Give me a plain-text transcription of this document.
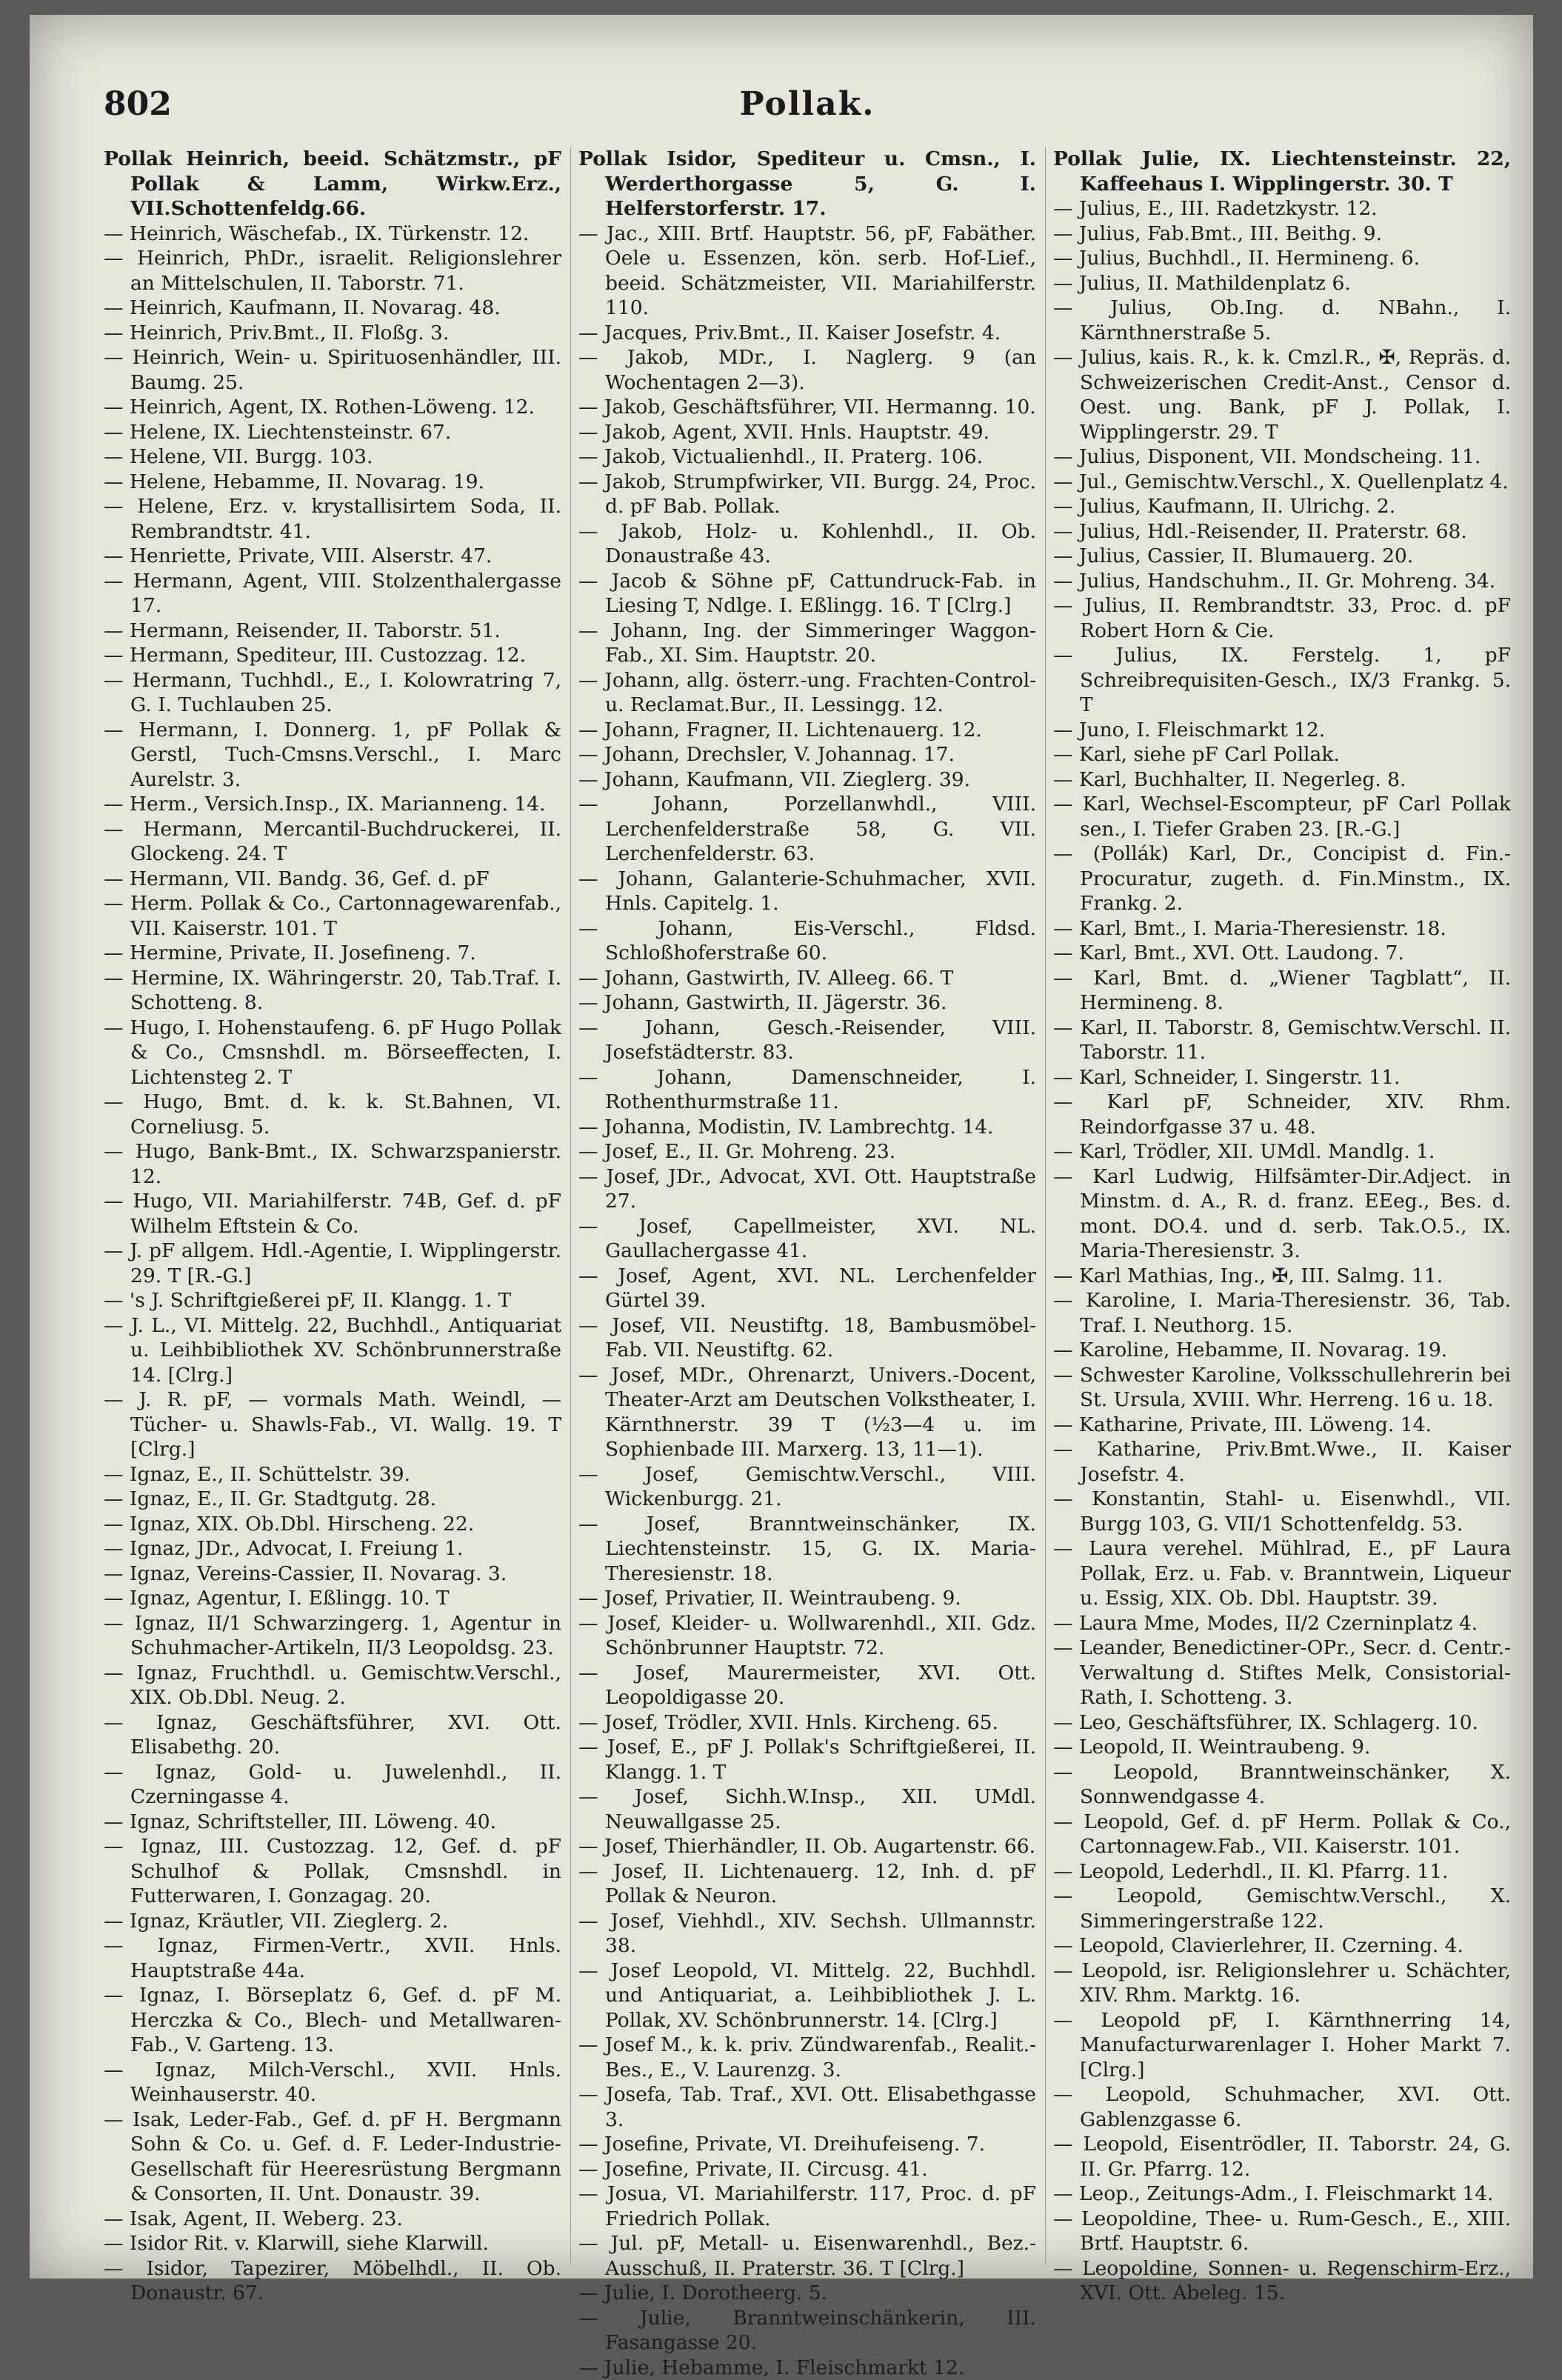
802	Pollak.
Pollak Heinrich, beeid. Schätzmstr., pF Pollak & Lamm, Wirkw.Erz., VII.Schottenfeldg.66.
— Heinrich, Wäschefab., IX. Türkenstr. 12.
— Heinrich, PhDr., israelit. Religionslehrer an Mittelschulen, II. Taborstr. 71.
— Heinrich, Kaufmann, II. Novarag. 48.
— Heinrich, Priv.Bmt., II. Floßg. 3.
— Heinrich, Wein- u. Spirituosenhändler, III. Baumg. 25.
— Heinrich, Agent, IX. Rothen-Löweng. 12.
— Helene, IX. Liechtensteinstr. 67.
— Helene, VII. Burgg. 103.
— Helene, Hebamme, II. Novarag. 19.
— Helene, Erz. v. krystallisirtem Soda, II. Rembrandtstr. 41.
— Henriette, Private, VIII. Alserstr. 47.
— Hermann, Agent, VIII. Stolzenthalergasse 17.
— Hermann, Reisender, II. Taborstr. 51.
— Hermann, Spediteur, III. Custozzag. 12.
— Hermann, Tuchhdl., E., I. Kolowratring 7, G. I. Tuchlauben 25.
— Hermann, I. Donnerg. 1, pF Pollak & Gerstl, Tuch-Cmsns.Verschl., I. Marc Aurelstr. 3.
— Herm., Versich.Insp., IX. Marianneng. 14.
— Hermann, Mercantil-Buchdruckerei, II. Glockeng. 24. T
— Hermann, VII. Bandg. 36, Gef. d. pF
— Herm. Pollak & Co., Cartonnagewarenfab., VII. Kaiserstr. 101. T
— Hermine, Private, II. Josefineng. 7.
— Hermine, IX. Währingerstr. 20, Tab.Traf. I. Schotteng. 8.
— Hugo, I. Hohenstaufeng. 6. pF Hugo Pollak & Co., Cmsnshdl. m. Börseeffecten, I. Lichtensteg 2. T
— Hugo, Bmt. d. k. k. St.Bahnen, VI. Corneliusg. 5.
— Hugo, Bank-Bmt., IX. Schwarzspanierstr. 12.
— Hugo, VII. Mariahilferstr. 74B, Gef. d. pF Wilhelm Eftstein & Co.
— J. pF allgem. Hdl.-Agentie, I. Wipplingerstr. 29. T [R.-G.]
— 's J. Schriftgießerei pF, II. Klangg. 1. T
— J. L., VI. Mittelg. 22, Buchhdl., Antiquariat u. Leihbibliothek XV. Schönbrunnerstraße 14. [Clrg.]
— J. R. pF, — vormals Math. Weindl, — Tücher- u. Shawls-Fab., VI. Wallg. 19. T [Clrg.]
— Ignaz, E., II. Schüttelstr. 39.
— Ignaz, E., II. Gr. Stadtgutg. 28.
— Ignaz, XIX. Ob.Dbl. Hirscheng. 22.
— Ignaz, JDr., Advocat, I. Freiung 1.
— Ignaz, Vereins-Cassier, II. Novarag. 3.
— Ignaz, Agentur, I. Eßlingg. 10. T
— Ignaz, II/1 Schwarzingerg. 1, Agentur in Schuhmacher-Artikeln, II/3 Leopoldsg. 23.
— Ignaz, Fruchthdl. u. Gemischtw.Verschl., XIX. Ob.Dbl. Neug. 2.
— Ignaz, Geschäftsführer, XVI. Ott. Elisabethg. 20.
— Ignaz, Gold- u. Juwelenhdl., II. Czerningasse 4.
— Ignaz, Schriftsteller, III. Löweng. 40.
— Ignaz, III. Custozzag. 12, Gef. d. pF Schulhof & Pollak, Cmsnshdl. in Futterwaren, I. Gonzagag. 20.
— Ignaz, Kräutler, VII. Zieglerg. 2.
— Ignaz, Firmen-Vertr., XVII. Hnls. Hauptstraße 44a.
— Ignaz, I. Börseplatz 6, Gef. d. pF M. Herczka & Co., Blech- und Metallwaren-Fab., V. Garteng. 13.
— Ignaz, Milch-Verschl., XVII. Hnls. Weinhauserstr. 40.
— Isak, Leder-Fab., Gef. d. pF H. Bergmann Sohn & Co. u. Gef. d. F. Leder-Industrie-Gesellschaft für Heeresrüstung Bergmann & Consorten, II. Unt. Donaustr. 39.
— Isak, Agent, II. Weberg. 23.
— Isidor Rit. v. Klarwill, siehe Klarwill.
— Isidor, Tapezirer, Möbelhdl., II. Ob. Donaustr. 67.
Pollak Isidor, Spediteur u. Cmsn., I. Werderthorgasse 5, G. I. Helferstorferstr. 17.
— Jac., XIII. Brtf. Hauptstr. 56, pF, Fabäther. Oele u. Essenzen, kön. serb. Hof-Lief., beeid. Schätzmeister, VII. Mariahilferstr. 110.
— Jacques, Priv.Bmt., II. Kaiser Josefstr. 4.
— Jakob, MDr., I. Naglerg. 9 (an Wochentagen 2—3).
— Jakob, Geschäftsführer, VII. Hermanng. 10.
— Jakob, Agent, XVII. Hnls. Hauptstr. 49.
— Jakob, Victualienhdl., II. Praterg. 106.
— Jakob, Strumpfwirker, VII. Burgg. 24, Proc. d. pF Bab. Pollak.
— Jakob, Holz- u. Kohlenhdl., II. Ob. Donaustraße 43.
— Jacob & Söhne pF, Cattundruck-Fab. in Liesing T, Ndlge. I. Eßlingg. 16. T [Clrg.]
— Johann, Ing. der Simmeringer Waggon-Fab., XI. Sim. Hauptstr. 20.
— Johann, allg. österr.-ung. Frachten-Control- u. Reclamat.Bur., II. Lessingg. 12.
— Johann, Fragner, II. Lichtenauerg. 12.
— Johann, Drechsler, V. Johannag. 17.
— Johann, Kaufmann, VII. Zieglerg. 39.
— Johann, Porzellanwhdl., VIII. Lerchenfelderstraße 58, G. VII. Lerchenfelderstr. 63.
— Johann, Galanterie-Schuhmacher, XVII. Hnls. Capitelg. 1.
— Johann, Eis-Verschl., Fldsd. Schloßhoferstraße 60.
— Johann, Gastwirth, IV. Alleeg. 66. T
— Johann, Gastwirth, II. Jägerstr. 36.
— Johann, Gesch.-Reisender, VIII. Josefstädterstr. 83.
— Johann, Damenschneider, I. Rothenthurmstraße 11.
— Johanna, Modistin, IV. Lambrechtg. 14.
— Josef, E., II. Gr. Mohreng. 23.
— Josef, JDr., Advocat, XVI. Ott. Hauptstraße 27.
— Josef, Capellmeister, XVI. NL. Gaullachergasse 41.
— Josef, Agent, XVI. NL. Lerchenfelder Gürtel 39.
— Josef, VII. Neustiftg. 18, Bambusmöbel-Fab. VII. Neustiftg. 62.
— Josef, MDr., Ohrenarzt, Univers.-Docent, Theater-Arzt am Deutschen Volkstheater, I. Kärnthnerstr. 39 T (½3—4 u. im Sophienbade III. Marxerg. 13, 11—1).
— Josef, Gemischtw.Verschl., VIII. Wickenburgg. 21.
— Josef, Branntweinschänker, IX. Liechtensteinstr. 15, G. IX. Maria-Theresienstr. 18.
— Josef, Privatier, II. Weintraubeng. 9.
— Josef, Kleider- u. Wollwarenhdl., XII. Gdz. Schönbrunner Hauptstr. 72.
— Josef, Maurermeister, XVI. Ott. Leopoldigasse 20.
— Josef, Trödler, XVII. Hnls. Kircheng. 65.
— Josef, E., pF J. Pollak's Schriftgießerei, II. Klangg. 1. T
— Josef, Sichh.W.Insp., XII. UMdl. Neuwallgasse 25.
— Josef, Thierhändler, II. Ob. Augartenstr. 66.
— Josef, II. Lichtenauerg. 12, Inh. d. pF Pollak & Neuron.
— Josef, Viehhdl., XIV. Sechsh. Ullmannstr. 38.
— Josef Leopold, VI. Mittelg. 22, Buchhdl. und Antiquariat, a. Leihbibliothek J. L. Pollak, XV. Schönbrunnerstr. 14. [Clrg.]
— Josef M., k. k. priv. Zündwarenfab., Realit.-Bes., E., V. Laurenzg. 3.
— Josefa, Tab. Traf., XVI. Ott. Elisabethgasse 3.
— Josefine, Private, VI. Dreihufeiseng. 7.
— Josefine, Private, II. Circusg. 41.
— Josua, VI. Mariahilferstr. 117, Proc. d. pF Friedrich Pollak.
— Jul. pF, Metall- u. Eisenwarenhdl., Bez.-Ausschuß, II. Praterstr. 36. T [Clrg.]
— Julie, I. Dorotheerg. 5.
— Julie, Branntweinschänkerin, III. Fasangasse 20.
— Julie, Hebamme, I. Fleischmarkt 12.
Pollak Julie, IX. Liechtensteinstr. 22, Kaffeehaus I. Wipplingerstr. 30. T
— Julius, E., III. Radetzkystr. 12.
— Julius, Fab.Bmt., III. Beithg. 9.
— Julius, Buchhdl., II. Hermineng. 6.
— Julius, II. Mathildenplatz 6.
— Julius, Ob.Ing. d. NBahn., I. Kärnthnerstraße 5.
— Julius, kais. R., k. k. Cmzl.R., ✠, Repräs. d. Schweizerischen Credit-Anst., Censor d. Oest. ung. Bank, pF J. Pollak, I. Wipplingerstr. 29. T
— Julius, Disponent, VII. Mondscheing. 11.
— Jul., Gemischtw.Verschl., X. Quellenplatz 4.
— Julius, Kaufmann, II. Ulrichg. 2.
— Julius, Hdl.-Reisender, II. Praterstr. 68.
— Julius, Cassier, II. Blumauerg. 20.
— Julius, Handschuhm., II. Gr. Mohreng. 34.
— Julius, II. Rembrandtstr. 33, Proc. d. pF Robert Horn & Cie.
— Julius, IX. Ferstelg. 1, pF Schreibrequisiten-Gesch., IX/3 Frankg. 5. T
— Juno, I. Fleischmarkt 12.
— Karl, siehe pF Carl Pollak.
— Karl, Buchhalter, II. Negerleg. 8.
— Karl, Wechsel-Escompteur, pF Carl Pollak sen., I. Tiefer Graben 23. [R.-G.]
— (Pollák) Karl, Dr., Concipist d. Fin.-Procuratur, zugeth. d. Fin.Minstm., IX. Frankg. 2.
— Karl, Bmt., I. Maria-Theresienstr. 18.
— Karl, Bmt., XVI. Ott. Laudong. 7.
— Karl, Bmt. d. „Wiener Tagblatt“, II. Hermineng. 8.
— Karl, II. Taborstr. 8, Gemischtw.Verschl. II. Taborstr. 11.
— Karl, Schneider, I. Singerstr. 11.
— Karl pF, Schneider, XIV. Rhm. Reindorfgasse 37 u. 48.
— Karl, Trödler, XII. UMdl. Mandlg. 1.
— Karl Ludwig, Hilfsämter-Dir.Adject. in Minstm. d. A., R. d. franz. EEeg., Bes. d. mont. DO.4. und d. serb. Tak.O.5., IX. Maria-Theresienstr. 3.
— Karl Mathias, Ing., ✠, III. Salmg. 11.
— Karoline, I. Maria-Theresienstr. 36, Tab. Traf. I. Neuthorg. 15.
— Karoline, Hebamme, II. Novarag. 19.
— Schwester Karoline, Volksschullehrerin bei St. Ursula, XVIII. Whr. Herreng. 16 u. 18.
— Katharine, Private, III. Löweng. 14.
— Katharine, Priv.Bmt.Wwe., II. Kaiser Josefstr. 4.
— Konstantin, Stahl- u. Eisenwhdl., VII. Burgg 103, G. VII/1 Schottenfeldg. 53.
— Laura verehel. Mühlrad, E., pF Laura Pollak, Erz. u. Fab. v. Branntwein, Liqueur u. Essig, XIX. Ob. Dbl. Hauptstr. 39.
— Laura Mme, Modes, II/2 Czerninplatz 4.
— Leander, Benedictiner-OPr., Secr. d. Centr.-Verwaltung d. Stiftes Melk, Consistorial-Rath, I. Schotteng. 3.
— Leo, Geschäftsführer, IX. Schlagerg. 10.
— Leopold, II. Weintraubeng. 9.
— Leopold, Branntweinschänker, X. Sonnwendgasse 4.
— Leopold, Gef. d. pF Herm. Pollak & Co., Cartonnagew.Fab., VII. Kaiserstr. 101.
— Leopold, Lederhdl., II. Kl. Pfarrg. 11.
— Leopold, Gemischtw.Verschl., X. Simmeringerstraße 122.
— Leopold, Clavierlehrer, II. Czerning. 4.
— Leopold, isr. Religionslehrer u. Schächter, XIV. Rhm. Marktg. 16.
— Leopold pF, I. Kärnthnerring 14, Manufacturwarenlager I. Hoher Markt 7. [Clrg.]
— Leopold, Schuhmacher, XVI. Ott. Gablenzgasse 6.
— Leopold, Eisentrödler, II. Taborstr. 24, G. II. Gr. Pfarrg. 12.
— Leop., Zeitungs-Adm., I. Fleischmarkt 14.
— Leopoldine, Thee- u. Rum-Gesch., E., XIII. Brtf. Hauptstr. 6.
— Leopoldine, Sonnen- u. Regenschirm-Erz., XVI. Ott. Abeleg. 15.
